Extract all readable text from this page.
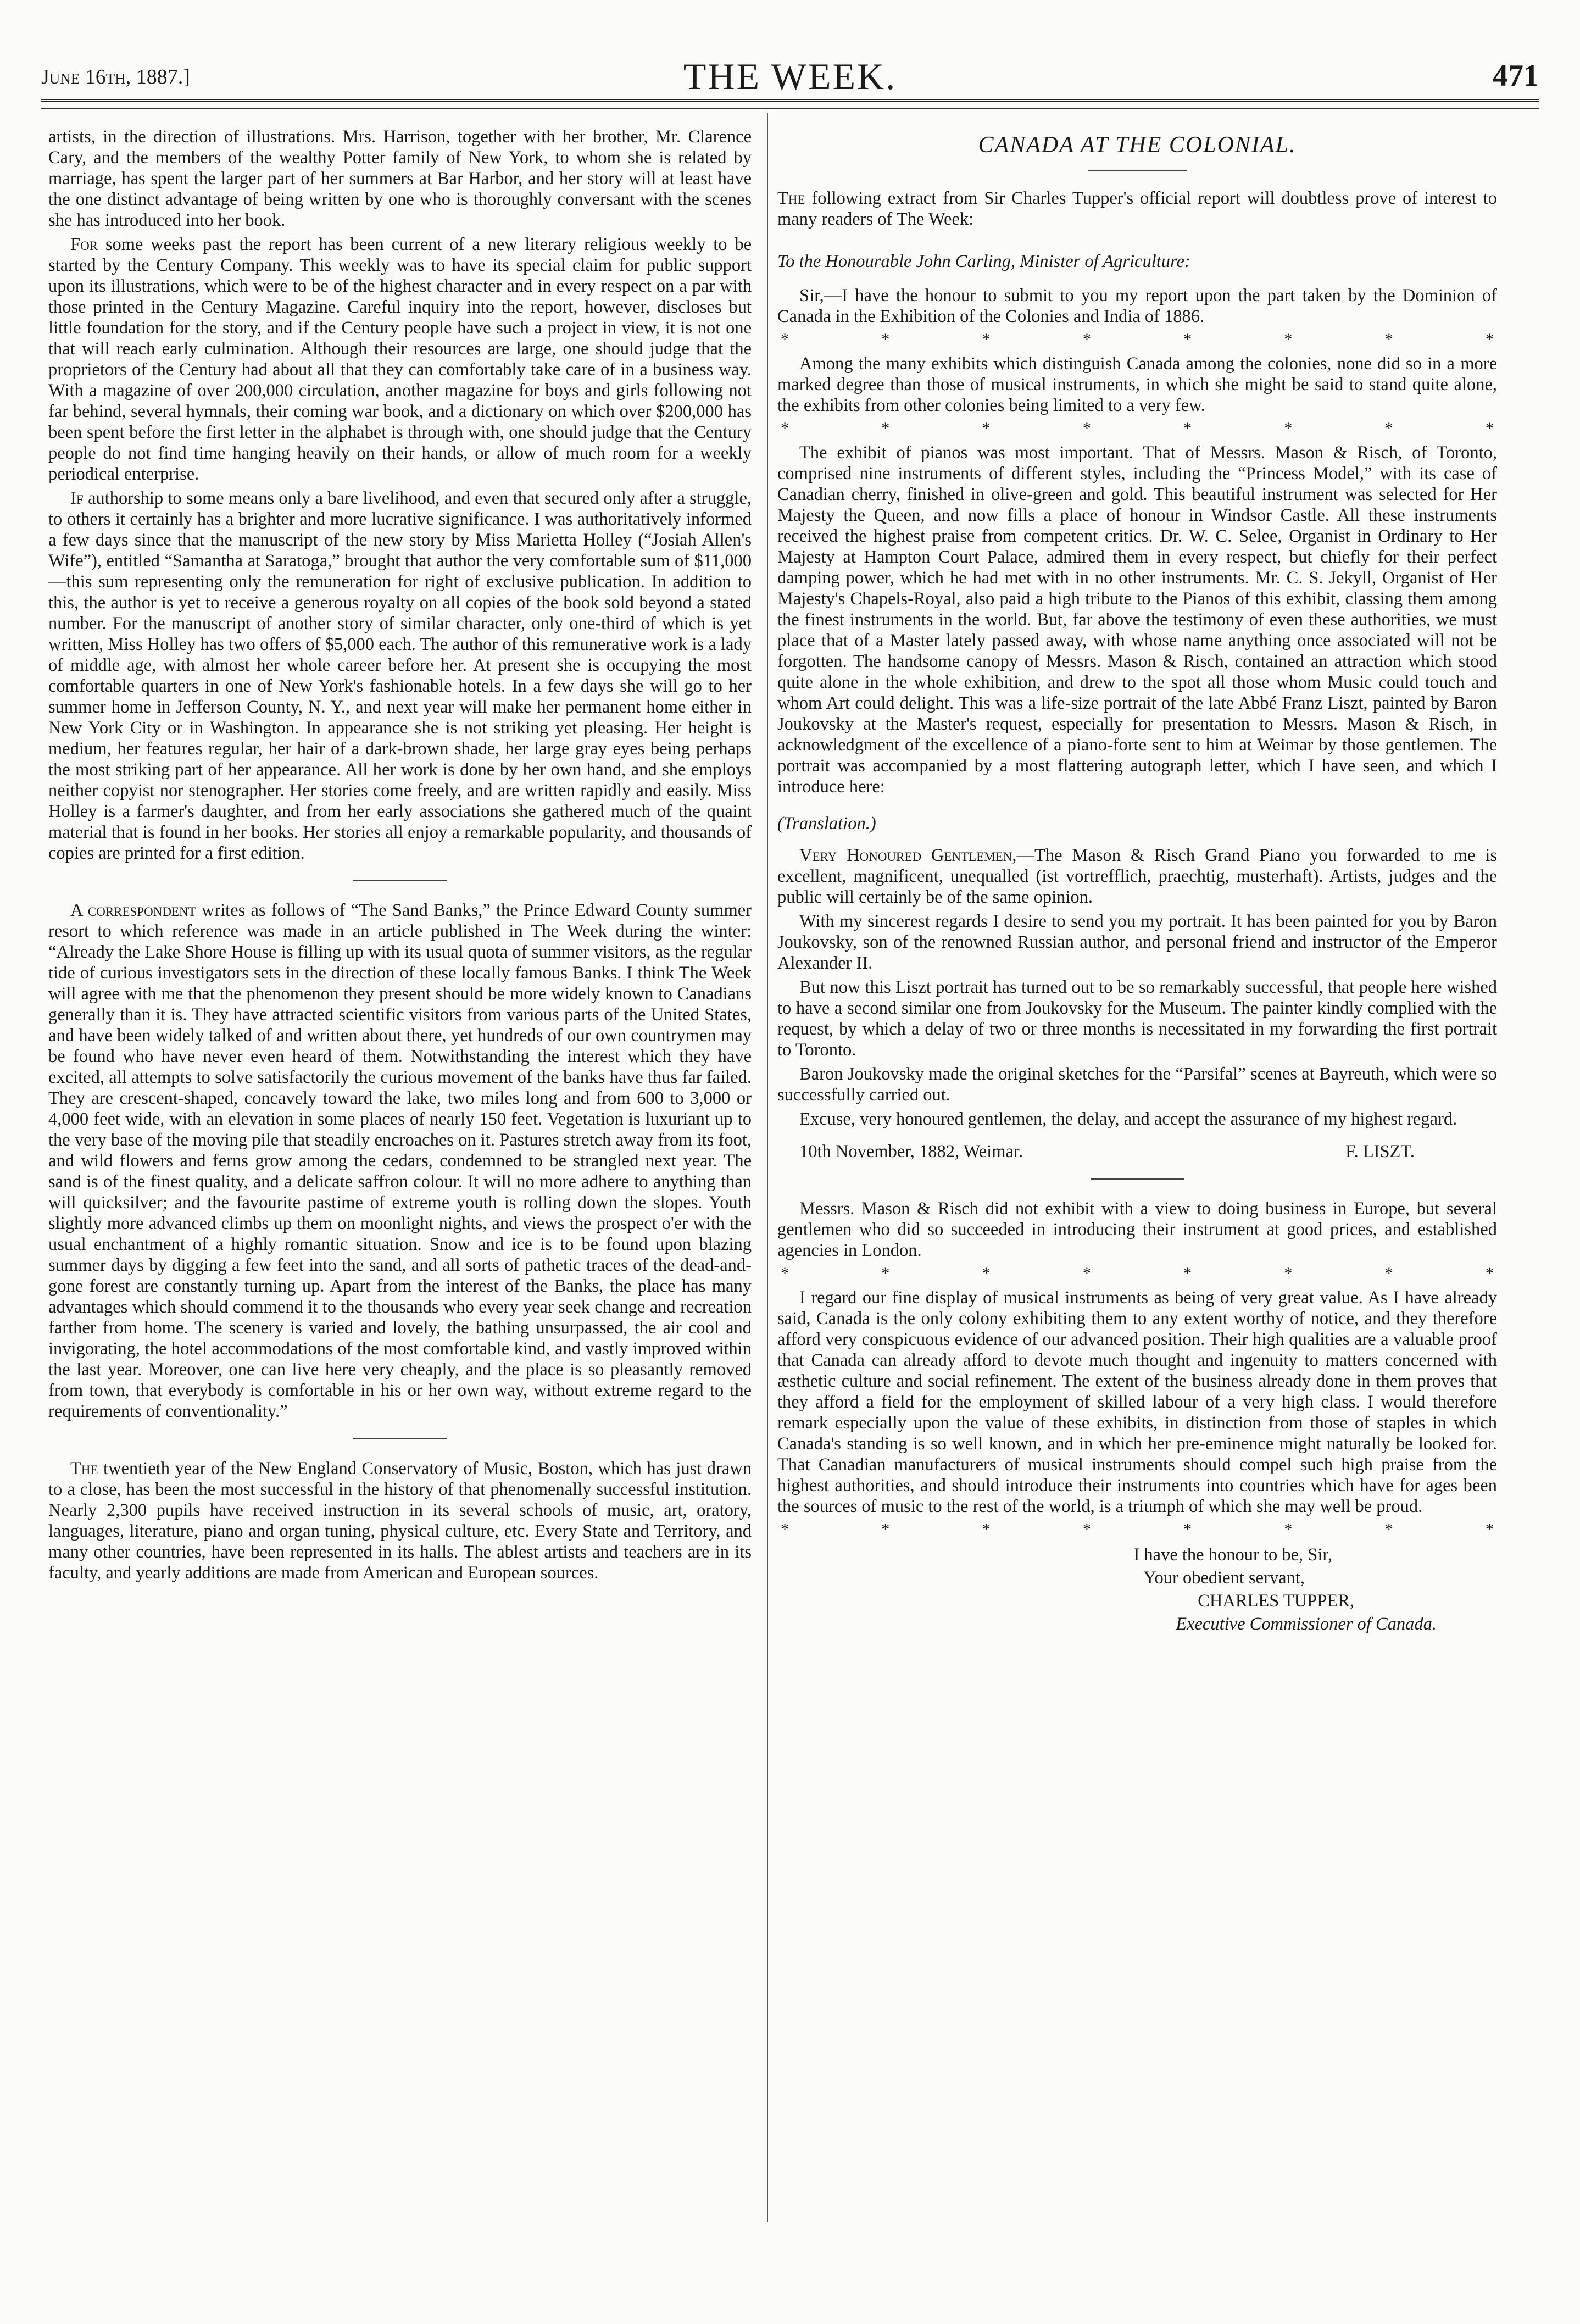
June 16th, 1887.]	THE WEEK.	471

artists, in the direction of illustrations. Mrs. Harrison, together with her brother, Mr. Clarence Cary, and the members of the wealthy Potter family of New York, to whom she is related by marriage, has spent the larger part of her summers at Bar Harbor, and her story will at least have the one distinct advantage of being written by one who is thoroughly conversant with the scenes she has introduced into her book.

For some weeks past the report has been current of a new literary religious weekly to be started by the Century Company. This weekly was to have its special claim for public support upon its illustrations, which were to be of the highest character and in every respect on a par with those printed in the Century Magazine. Careful inquiry into the report, however, discloses but little foundation for the story, and if the Century people have such a project in view, it is not one that will reach early culmination. Although their resources are large, one should judge that the proprietors of the Century had about all that they can comfortably take care of in a business way. With a magazine of over 200,000 circulation, another magazine for boys and girls following not far behind, several hymnals, their coming war book, and a dictionary on which over $200,000 has been spent before the first letter in the alphabet is through with, one should judge that the Century people do not find time hanging heavily on their hands, or allow of much room for a weekly periodical enterprise.

If authorship to some means only a bare livelihood, and even that secured only after a struggle, to others it certainly has a brighter and more lucrative significance. I was authoritatively informed a few days since that the manuscript of the new story by Miss Marietta Holley (“Josiah Allen's Wife”), entitled “Samantha at Saratoga,” brought that author the very comfortable sum of $11,000—this sum representing only the remuneration for right of exclusive publication. In addition to this, the author is yet to receive a generous royalty on all copies of the book sold beyond a stated number. For the manuscript of another story of similar character, only one-third of which is yet written, Miss Holley has two offers of $5,000 each. The author of this remunerative work is a lady of middle age, with almost her whole career before her. At present she is occupying the most comfortable quarters in one of New York's fashionable hotels. In a few days she will go to her summer home in Jefferson County, N. Y., and next year will make her permanent home either in New York City or in Washington. In appearance she is not striking yet pleasing. Her height is medium, her features regular, her hair of a dark-brown shade, her large gray eyes being perhaps the most striking part of her appearance. All her work is done by her own hand, and she employs neither copyist nor stenographer. Her stories come freely, and are written rapidly and easily. Miss Holley is a farmer's daughter, and from her early associations she gathered much of the quaint material that is found in her books. Her stories all enjoy a remarkable popularity, and thousands of copies are printed for a first edition.

A correspondent writes as follows of “The Sand Banks,” the Prince Edward County summer resort to which reference was made in an article published in The Week during the winter: “Already the Lake Shore House is filling up with its usual quota of summer visitors, as the regular tide of curious investigators sets in the direction of these locally famous Banks. I think The Week will agree with me that the phenomenon they present should be more widely known to Canadians generally than it is. They have attracted scientific visitors from various parts of the United States, and have been widely talked of and written about there, yet hundreds of our own countrymen may be found who have never even heard of them. Notwithstanding the interest which they have excited, all attempts to solve satisfactorily the curious movement of the banks have thus far failed. They are crescent-shaped, concavely toward the lake, two miles long and from 600 to 3,000 or 4,000 feet wide, with an elevation in some places of nearly 150 feet. Vegetation is luxuriant up to the very base of the moving pile that steadily encroaches on it. Pastures stretch away from its foot, and wild flowers and ferns grow among the cedars, condemned to be strangled next year. The sand is of the finest quality, and a delicate saffron colour. It will no more adhere to anything than will quicksilver; and the favourite pastime of extreme youth is rolling down the slopes. Youth slightly more advanced climbs up them on moonlight nights, and views the prospect o'er with the usual enchantment of a highly romantic situation. Snow and ice is to be found upon blazing summer days by digging a few feet into the sand, and all sorts of pathetic traces of the dead-and-gone forest are constantly turning up. Apart from the interest of the Banks, the place has many advantages which should commend it to the thousands who every year seek change and recreation farther from home. The scenery is varied and lovely, the bathing unsurpassed, the air cool and invigorating, the hotel accommodations of the most comfortable kind, and vastly improved within the last year. Moreover, one can live here very cheaply, and the place is so pleasantly removed from town, that everybody is comfortable in his or her own way, without extreme regard to the requirements of conventionality.”

The twentieth year of the New England Conservatory of Music, Boston, which has just drawn to a close, has been the most successful in the history of that phenomenally successful institution. Nearly 2,300 pupils have received instruction in its several schools of music, art, oratory, languages, literature, piano and organ tuning, physical culture, etc. Every State and Territory, and many other countries, have been represented in its halls. The ablest artists and teachers are in its faculty, and yearly additions are made from American and European sources.

CANADA AT THE COLONIAL.

The following extract from Sir Charles Tupper's official report will doubtless prove of interest to many readers of The Week:

To the Honourable John Carling, Minister of Agriculture:

Sir,—I have the honour to submit to you my report upon the part taken by the Dominion of Canada in the Exhibition of the Colonies and India of 1886.

*	*	*	*	*	*	*	*

Among the many exhibits which distinguish Canada among the colonies, none did so in a more marked degree than those of musical instruments, in which she might be said to stand quite alone, the exhibits from other colonies being limited to a very few.

*	*	*	*	*	*	*	*

The exhibit of pianos was most important. That of Messrs. Mason & Risch, of Toronto, comprised nine instruments of different styles, including the “Princess Model,” with its case of Canadian cherry, finished in olive-green and gold. This beautiful instrument was selected for Her Majesty the Queen, and now fills a place of honour in Windsor Castle. All these instruments received the highest praise from competent critics. Dr. W. C. Selee, Organist in Ordinary to Her Majesty at Hampton Court Palace, admired them in every respect, but chiefly for their perfect damping power, which he had met with in no other instruments. Mr. C. S. Jekyll, Organist of Her Majesty's Chapels-Royal, also paid a high tribute to the Pianos of this exhibit, classing them among the finest instruments in the world. But, far above the testimony of even these authorities, we must place that of a Master lately passed away, with whose name anything once associated will not be forgotten. The handsome canopy of Messrs. Mason & Risch, contained an attraction which stood quite alone in the whole exhibition, and drew to the spot all those whom Music could touch and whom Art could delight. This was a life-size portrait of the late Abbé Franz Liszt, painted by Baron Joukovsky at the Master's request, especially for presentation to Messrs. Mason & Risch, in acknowledgment of the excellence of a piano-forte sent to him at Weimar by those gentlemen. The portrait was accompanied by a most flattering autograph letter, which I have seen, and which I introduce here:

(Translation.)

Very Honoured Gentlemen,—The Mason & Risch Grand Piano you forwarded to me is excellent, magnificent, unequalled (ist vortrefflich, praechtig, musterhaft). Artists, judges and the public will certainly be of the same opinion.

With my sincerest regards I desire to send you my portrait. It has been painted for you by Baron Joukovsky, son of the renowned Russian author, and personal friend and instructor of the Emperor Alexander II.

But now this Liszt portrait has turned out to be so remarkably successful, that people here wished to have a second similar one from Joukovsky for the Museum. The painter kindly complied with the request, by which a delay of two or three months is necessitated in my forwarding the first portrait to Toronto.

Baron Joukovsky made the original sketches for the “Parsifal” scenes at Bayreuth, which were so successfully carried out.

Excuse, very honoured gentlemen, the delay, and accept the assurance of my highest regard.

10th November, 1882, Weimar.	F. LISZT.

Messrs. Mason & Risch did not exhibit with a view to doing business in Europe, but several gentlemen who did so succeeded in introducing their instrument at good prices, and established agencies in London.

*	*	*	*	*	*	*	*

I regard our fine display of musical instruments as being of very great value. As I have already said, Canada is the only colony exhibiting them to any extent worthy of notice, and they therefore afford very conspicuous evidence of our advanced position. Their high qualities are a valuable proof that Canada can already afford to devote much thought and ingenuity to matters concerned with æsthetic culture and social refinement. The extent of the business already done in them proves that they afford a field for the employment of skilled labour of a very high class. I would therefore remark especially upon the value of these exhibits, in distinction from those of staples in which Canada's standing is so well known, and in which her pre-eminence might naturally be looked for. That Canadian manufacturers of musical instruments should compel such high praise from the highest authorities, and should introduce their instruments into countries which have for ages been the sources of music to the rest of the world, is a triumph of which she may well be proud.

*	*	*	*	*	*	*	*
I have the honour to be, Sir,
Your obedient servant,
CHARLES TUPPER,
Executive Commissioner of Canada.
